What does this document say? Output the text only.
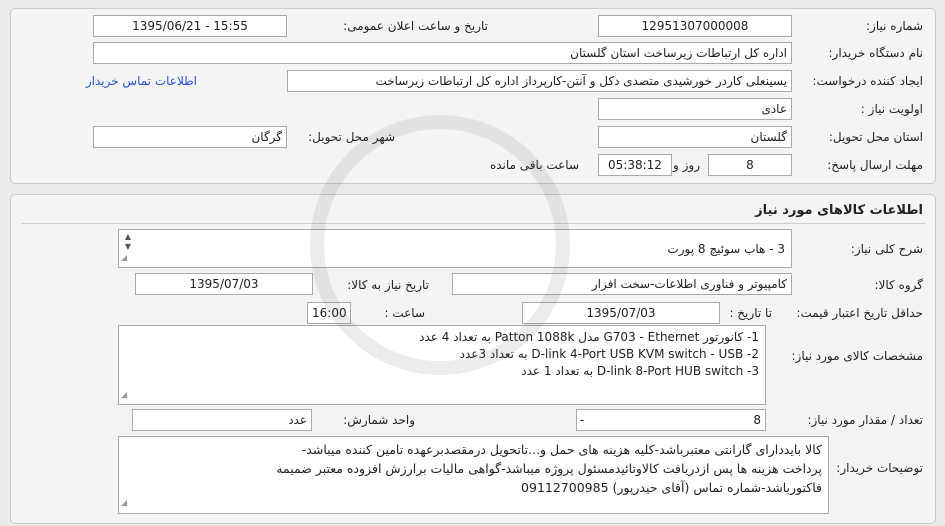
شماره نیاز:
12951307000008
تاریخ و ساعت اعلان عمومی:
1395/06/21 - 15:55
نام دستگاه خریدار:
اداره کل ارتباطات زیرساخت استان گلستان
ایجاد کننده درخواست:
یسینعلی کاردر خورشیدی متصدی دکل و آنتن-کارپرداز اداره کل ارتباطات زیرساخت
اطلاعات تماس خریدار
اولویت نیاز :
عادی
استان محل تحویل:
گلستان
شهر محل تحویل:
گرگان
مهلت ارسال پاسخ:
8
روز و
05:38:12
ساعت باقی مانده
اطلاعات کالاهای مورد نیاز
شرح کلی نیاز:
3 - هاب سوئیچ 8 پورت
▲
▼
◢
گروه کالا:
کامپیوتر و فناوری اطلاعات-سخت افزار
تاریخ نیاز به کالا:
1395/07/03
حداقل تاریخ اعتبار قیمت:
تا تاریخ :
1395/07/03
ساعت :
16:00
مشخصات کالای مورد نیاز:
1- کانورتور G703 - Ethernet مدل Patton 1088k به تعداد 4 عدد
2- D-link 4-Port USB KVM switch - USB به تعداد 3عدد
3- D-link 8-Port HUB switch به تعداد 1 عدد
◢
تعداد / مقدار مورد نیاز:
8
-
واحد شمارش:
عدد
توضیحات خریدار:
کالا بایددارای گارانتی معتبرباشد-کلیه هزینه های حمل و...تاتحویل درمقصدبرعهده تامین کننده میباشد-
پرداخت هزینه ها پس ازدریافت کالاوتائیدمسئول پروژه میباشد-گواهی مالیات برارزش افزوده معتبر ضمیمه
فاکتورباشد-شماره تماس (آقای حیدرپور) 09112700985
◢
